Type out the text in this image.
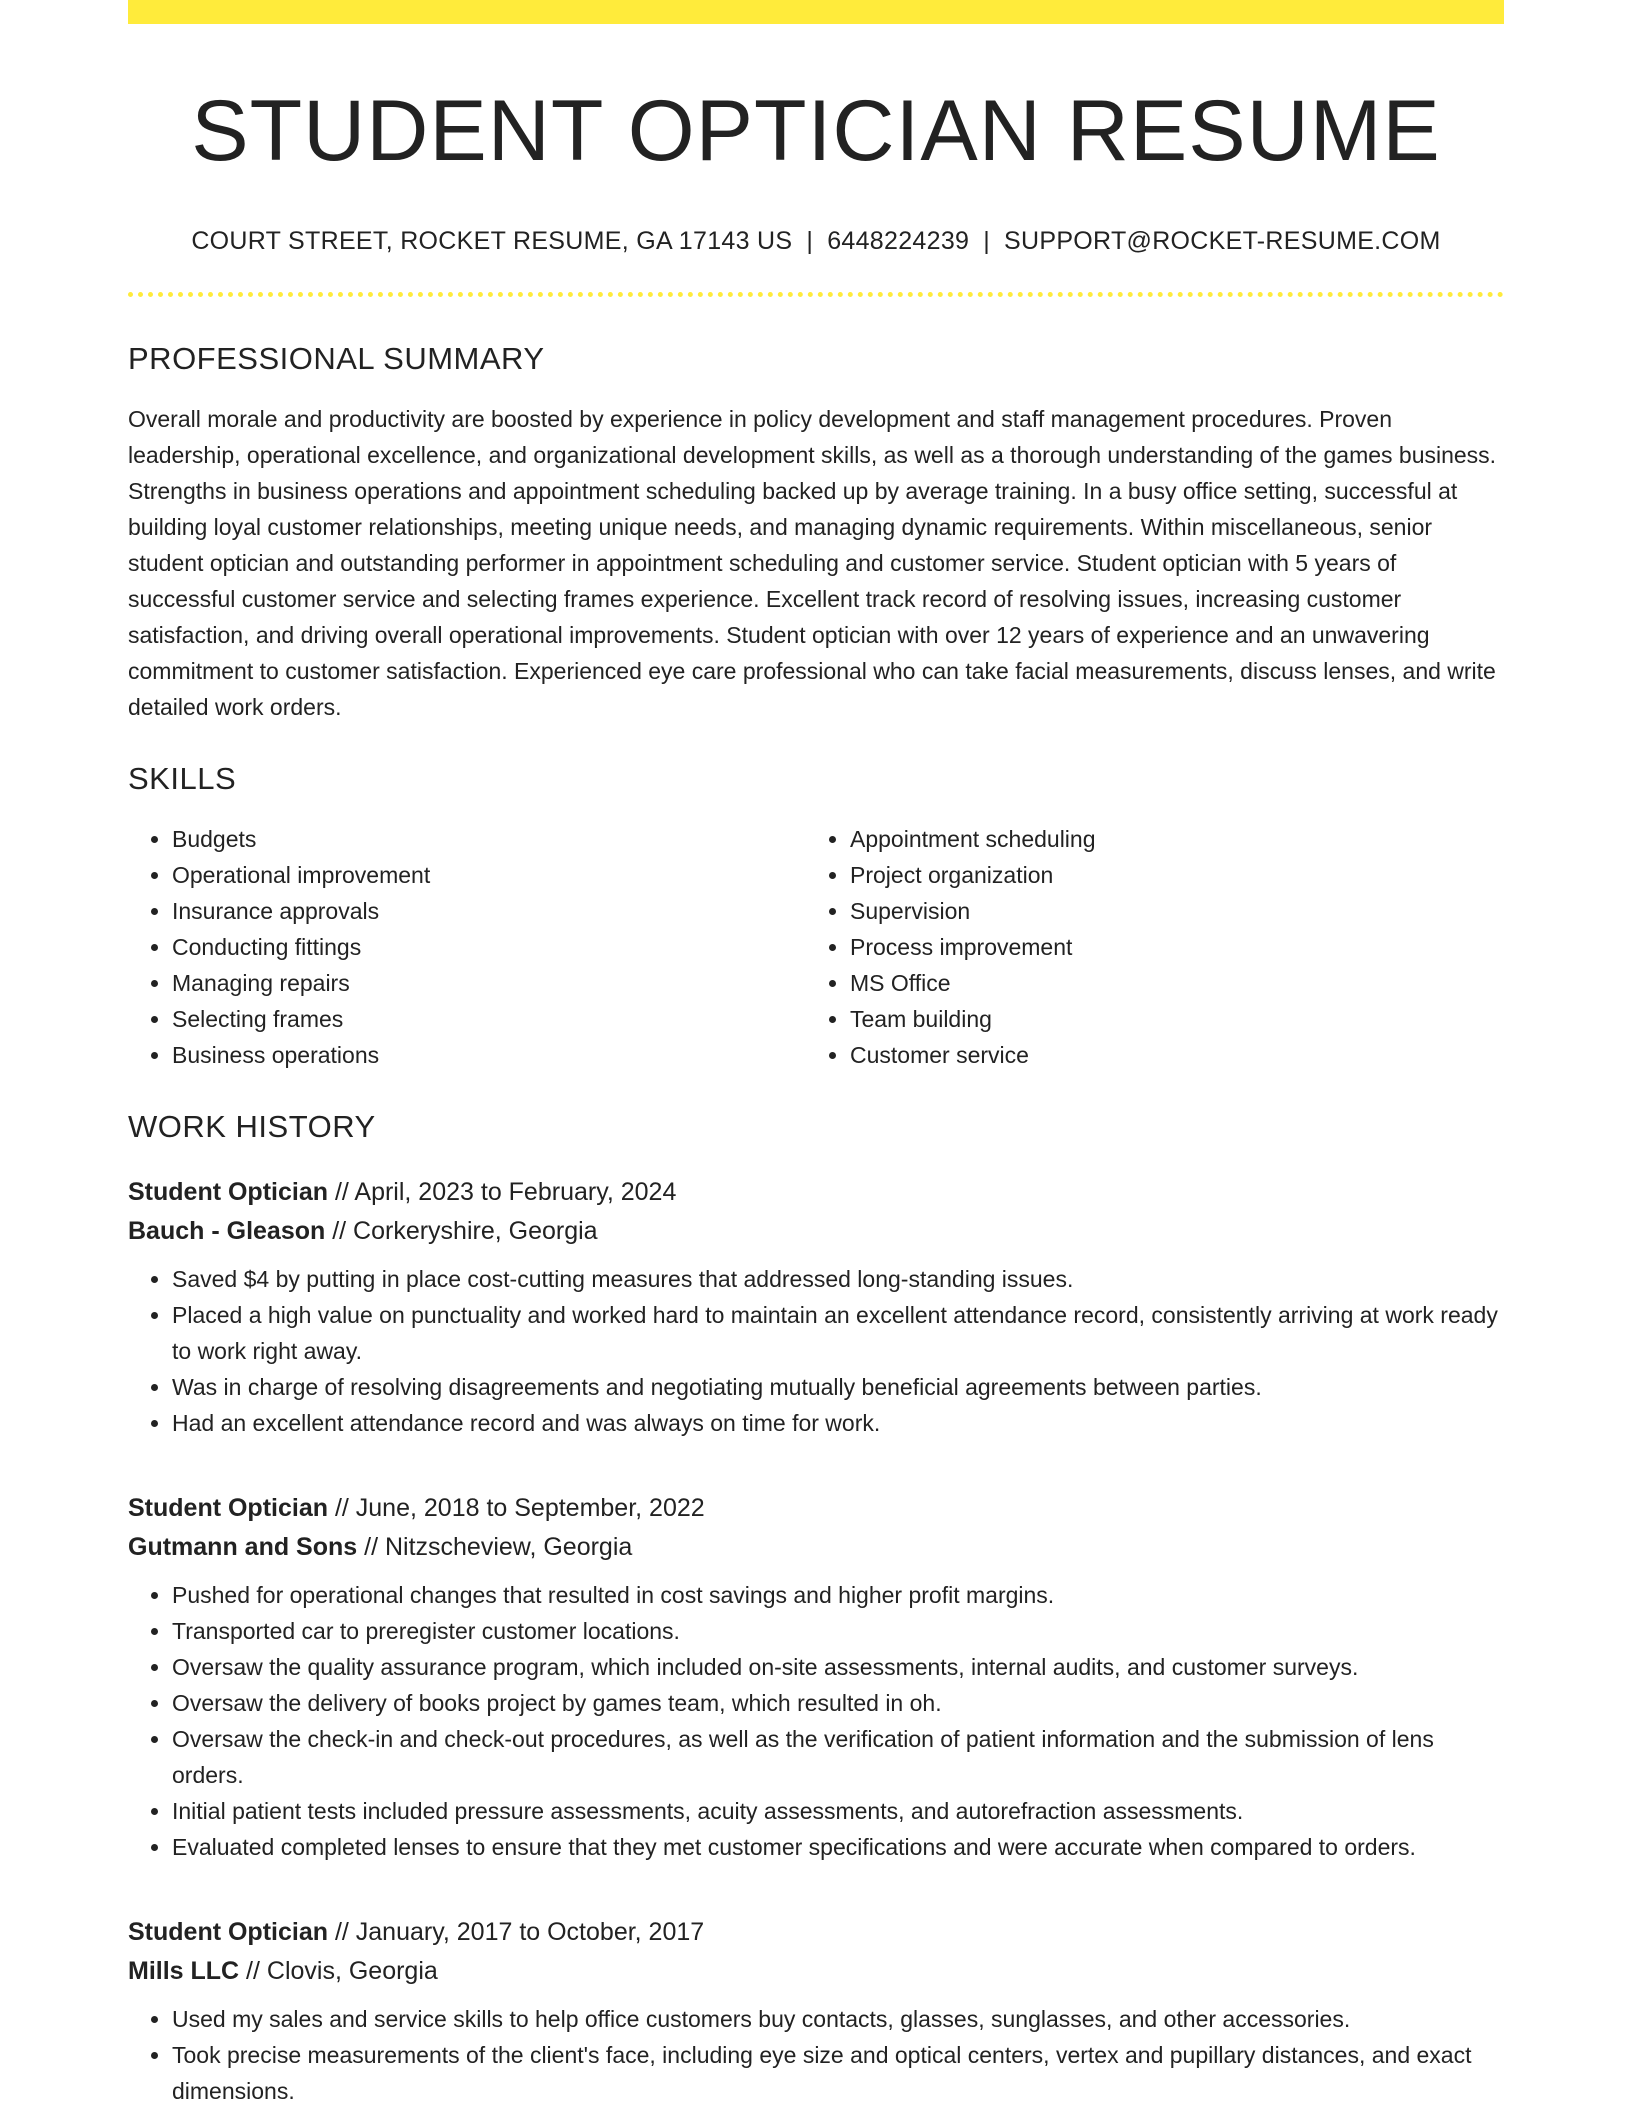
STUDENT OPTICIAN RESUME
COURT STREET, ROCKET RESUME, GA 17143 US | 6448224239 | SUPPORT@ROCKET-RESUME.COM
PROFESSIONAL SUMMARY
Overall morale and productivity are boosted by experience in policy development and staff management procedures. Proven leadership, operational excellence, and organizational development skills, as well as a thorough understanding of the games business. Strengths in business operations and appointment scheduling backed up by average training. In a busy office setting, successful at building loyal customer relationships, meeting unique needs, and managing dynamic requirements. Within miscellaneous, senior student optician and outstanding performer in appointment scheduling and customer service. Student optician with 5 years of successful customer service and selecting frames experience. Excellent track record of resolving issues, increasing customer satisfaction, and driving overall operational improvements. Student optician with over 12 years of experience and an unwavering commitment to customer satisfaction. Experienced eye care professional who can take facial measurements, discuss lenses, and write detailed work orders.
SKILLS
• Budgets
• Operational improvement
• Insurance approvals
• Conducting fittings
• Managing repairs
• Selecting frames
• Business operations
• Appointment scheduling
• Project organization
• Supervision
• Process improvement
• MS Office
• Team building
• Customer service
WORK HISTORY
Student Optician // April, 2023 to February, 2024
Bauch - Gleason // Corkeryshire, Georgia
• Saved $4 by putting in place cost-cutting measures that addressed long-standing issues.
• Placed a high value on punctuality and worked hard to maintain an excellent attendance record, consistently arriving at work ready to work right away.
• Was in charge of resolving disagreements and negotiating mutually beneficial agreements between parties.
• Had an excellent attendance record and was always on time for work.
Student Optician // June, 2018 to September, 2022
Gutmann and Sons // Nitzscheview, Georgia
• Pushed for operational changes that resulted in cost savings and higher profit margins.
• Transported car to preregister customer locations.
• Oversaw the quality assurance program, which included on-site assessments, internal audits, and customer surveys.
• Oversaw the delivery of books project by games team, which resulted in oh.
• Oversaw the check-in and check-out procedures, as well as the verification of patient information and the submission of lens orders.
• Initial patient tests included pressure assessments, acuity assessments, and autorefraction assessments.
• Evaluated completed lenses to ensure that they met customer specifications and were accurate when compared to orders.
Student Optician // January, 2017 to October, 2017
Mills LLC // Clovis, Georgia
• Used my sales and service skills to help office customers buy contacts, glasses, sunglasses, and other accessories.
• Took precise measurements of the client's face, including eye size and optical centers, vertex and pupillary distances, and exact dimensions.
